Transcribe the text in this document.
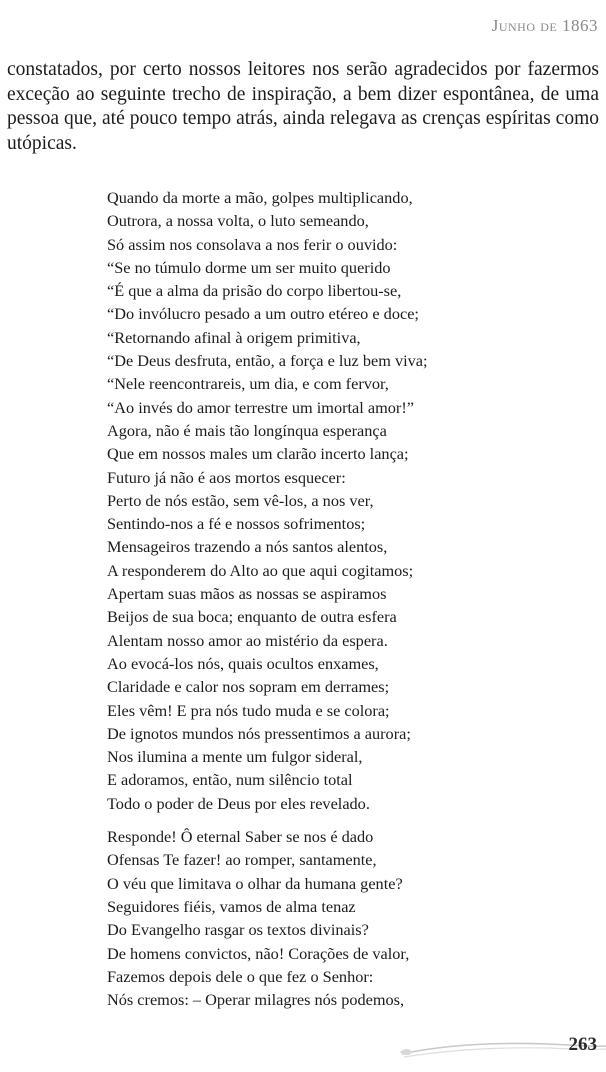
Junho de 1863

constatados, por certo nossos leitores nos serão agradecidos por fazermos exceção ao seguinte trecho de inspiração, a bem dizer espontânea, de uma pessoa que, até pouco tempo atrás, ainda relegava as crenças espíritas como utópicas.

Quando da morte a mão, golpes multiplicando,
Outrora, a nossa volta, o luto semeando,
Só assim nos consolava a nos ferir o ouvido:
“Se no túmulo dorme um ser muito querido
“É que a alma da prisão do corpo libertou-se,
“Do invólucro pesado a um outro etéreo e doce;
“Retornando afinal à origem primitiva,
“De Deus desfruta, então, a força e luz bem viva;
“Nele reencontrareis, um dia, e com fervor,
“Ao invés do amor terrestre um imortal amor!”
Agora, não é mais tão longínqua esperança
Que em nossos males um clarão incerto lança;
Futuro já não é aos mortos esquecer:
Perto de nós estão, sem vê-los, a nos ver,
Sentindo-nos a fé e nossos sofrimentos;
Mensageiros trazendo a nós santos alentos,
A responderem do Alto ao que aqui cogitamos;
Apertam suas mãos as nossas se aspiramos
Beijos de sua boca; enquanto de outra esfera
Alentam nosso amor ao mistério da espera.
Ao evocá-los nós, quais ocultos enxames,
Claridade e calor nos sopram em derrames;
Eles vêm! E pra nós tudo muda e se colora;
De ignotos mundos nós pressentimos a aurora;
Nos ilumina a mente um fulgor sideral,
E adoramos, então, num silêncio total
Todo o poder de Deus por eles revelado.
Responde! Ô eternal Saber se nos é dado
Ofensas Te fazer! ao romper, santamente,
O véu que limitava o olhar da humana gente?
Seguidores fiéis, vamos de alma tenaz
Do Evangelho rasgar os textos divinais?
De homens convictos, não! Corações de valor,
Fazemos depois dele o que fez o Senhor:
Nós cremos: – Operar milagres nós podemos,
263
